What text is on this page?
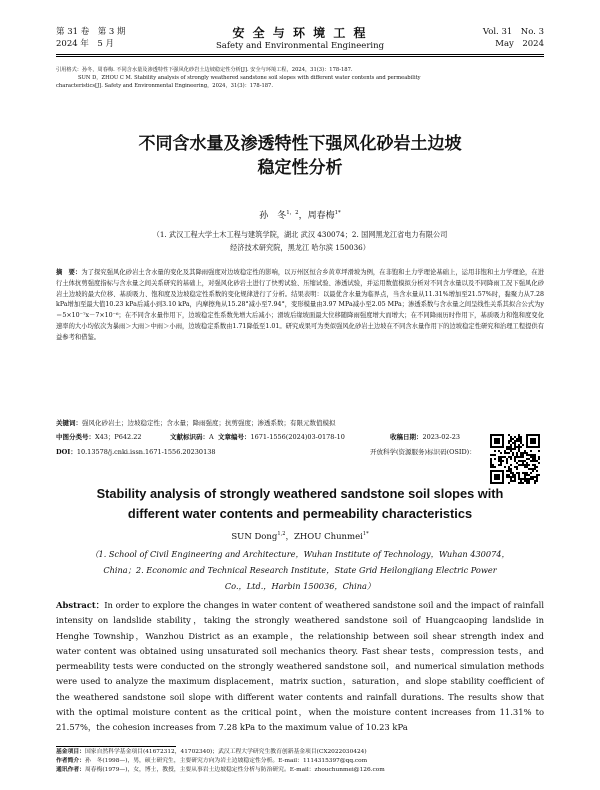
第 31 卷　第 3 期
2024 年　5 月
安 全 与 环 境 工 程
Safety and Environmental Engineering
Vol. 31　No. 3
May　2024
引用格式：孙冬，周春梅. 不同含水量及渗透特性下强风化砂岩土边坡稳定性分析[J]. 安全与环境工程，2024，31(3)：178-187.
SUN D，ZHOU C M. Stability analysis of strongly weathered sandstone soil slopes with different water contents and permeability
characteristics[J]. Safety and Environmental Engineering，2024，31(3)：178-187.
不同含水量及渗透特性下强风化砂岩土边坡
稳定性分析
孙　冬$^{1,2}$，周春梅$^{1*}$
（1. 武汉工程大学土木工程与建筑学院，湖北 武汉 430074；2. 国网黑龙江省电力有限公司
经济技术研究院，黑龙江 哈尔滨 150036）
摘　要：为了探究强风化砂岩土含水量的变化及其降雨强度对边坡稳定性的影响，以万州区恒合乡黄草坪滑坡为例，在非饱和土力学理论基础上，运用非饱和土力学理论，在进行土体抗剪强度指标与含水量之间关系研究的基础上，对强风化砂岩土进行了快剪试验、压缩试验、渗透试验，并运用数值模拟分析对不同含水量以及不同降雨工况下强风化砂岩土边坡的最大位移、基质吸力、饱和度及边坡稳定性系数的变化规律进行了分析。结果表明：以最优含水量为临界点，当含水量从11.31%增加至21.57%时，黏聚力从7.28 kPa增加至最大值10.23 kPa后减小到3.10 kPa，内摩擦角从15.28°减小至7.94°，变形模量由3.97 MPa减小至2.05 MPa；渗透系数与含水量之间呈线性关系其拟合公式为y＝5×10⁻⁷x－7×10⁻⁶；在不同含水量作用下，边坡稳定性系数先增大后减小；滑坡后缘坡面最大位移随降雨强度增大而增大；在不同降雨历时作用下，基质吸力和饱和度变化速率的大小均依次为暴雨＞大雨＞中雨＞小雨，边坡稳定系数由1.71降低至1.01。研究成果可为类似强风化砂岩土边坡在不同含水量作用下的边坡稳定性研究和治理工程提供有益参考和借鉴。
关键词：强风化砂岩土；边坡稳定性；含水量；降雨强度；抗剪强度；渗透系数；有限元数值模拟
中图分类号：X43；P642.22	文献标识码：A 文章编号：1671-1556(2024)03-0178-10	收稿日期：2023-02-23
DOI：10.13578/j.cnki.issn.1671-1556.20230138	开放科学(资源服务)标识码(OSID)：
Stability analysis of strongly weathered sandstone soil slopes with
different water contents and permeability characteristics
SUN Dong$^{1,2}$，ZHOU Chunmei$^{1*}$
（1. School of Civil Engineering and Architecture，Wuhan Institute of Technology，Wuhan 430074，
China；2. Economic and Technical Research Institute，State Grid Heilongjiang Electric Power
Co.，Ltd.，Harbin 150036，China）
Abstract：In order to explore the changes in water content of weathered sandstone soil and the impact of rainfall intensity on landslide stability，taking the strongly weathered sandstone soil of Huangcaoping landslide in Henghe Township，Wanzhou District as an example，the relationship between soil shear strength index and water content was obtained using unsaturated soil mechanics theory. Fast shear tests，compression tests，and permeability tests were conducted on the strongly weathered sandstone soil，and numerical simulation methods were used to analyze the maximum displacement，matrix suction，saturation，and slope stability coefficient of the weathered sandstone soil slope with different water contents and rainfall durations. The results show that with the optimal moisture content as the critical point，when the moisture content increases from 11.31% to 21.57%，the cohesion increases from 7.28 kPa to the maximum value of 10.23 kPa
基金项目：国家自然科学基金项目(41672312，41702340)；武汉工程大学研究生教育创新基金项目(CX2022030424)
作者简介：孙　冬(1998—)，男，硕士研究生，主要研究方向为岩土边坡稳定性分析。E-mail：1114315397@qq.com
通讯作者：周春梅(1979—)，女，博士，教授，主要从事岩土边坡稳定性分析与防治研究。E-mail：zhouchunmei@126.com
